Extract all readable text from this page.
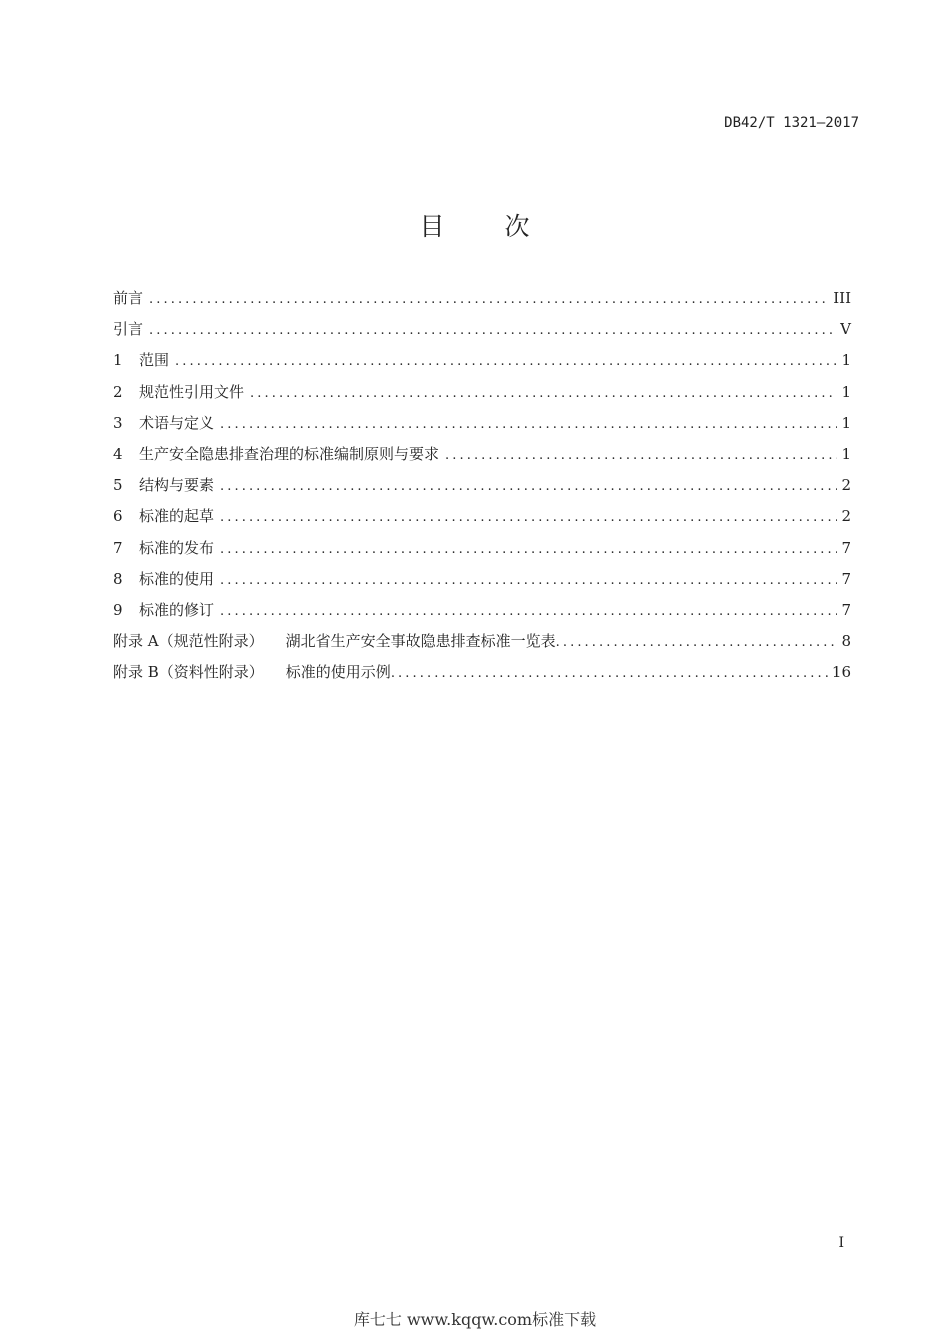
DB42/T 1321—2017
目 次
前言 .....	III
引言 .....	V
1	范围 .....	1
2	规范性引用文件 .....	1
3	术语与定义 .....	1
4	生产安全隐患排查治理的标准编制原则与要求 .....	1
5	结构与要素 .....	2
6	标准的起草 .....	2
7	标准的发布 .....	7
8	标准的使用 .....	7
9	标准的修订 .....	7
附录 A（规范性附录） 湖北省生产安全事故隐患排查标准一览表 .....	8
附录 B（资料性附录） 标准的使用示例 .....	16
I
库七七 www.kqqw.com标准下载
